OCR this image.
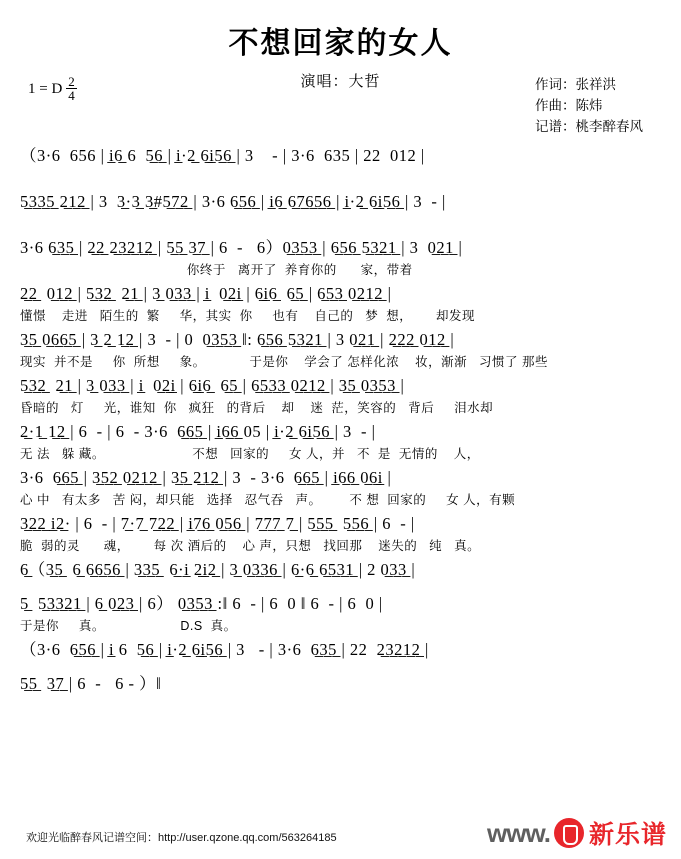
不想回家的女人
演唱：大哲
1 = D $\frac{2}{4}$	作词：张祥洪
作曲：陈炜
记谱：桃李醉春风
（3·6  656 | i̲6̲ 6  5̲6̲ | i̲·2̲ 6̲i̲5̲6̲ | 3    - | 3·6  635 | 22  012 |
5̲3̲3̲5̲ 2̲1̲2̲ | 3  3̲·3̲ 3̲#5̲7̲2̲ | 3·6 6̲5̲6̲ | i̲6̲ 6̲7̲6̲5̲6̲ | i̲·2̲ 6̲i̲5̲6̲ | 3  - |
3·6 6̲3̲5̲ | 2̲2̲ 2̲3̲2̲1̲2̲ | 5̲5̲ 3̲7̲ | 6  -   6）0̲3̲5̲3̲ | 6̲5̲6̲ 5̲3̲2̲1̲ | 3  0̲2̲1̲ |
你终于   离开了  养育你的      家，带着
2̲2̲  0̲1̲2̲ | 5̲3̲2̲  2̲1̲ | 3̲ 0̲3̲3̲ | i̲  0̲2̲i̲ | 6̲i̲6̲  6̲5̲ | 6̲5̲3̲ 0̲2̲1̲2̲ |
懂憬    走进   陌生的  繁     华，其实  你     也有    自己的   梦  想，      却发现
3̲5̲ 0̲6̲6̲5̲ | 3̲ 2̲ 1̲2̲ | 3  - | 0  0̲3̲5̲3̲ ‖: 6̲5̲6̲ 5̲3̲2̲1̲ | 3 0̲2̲1̲ | 2̲2̲2̲ 0̲1̲2̲ |
现实  并不是     你  所想     象。           于是你    学会了 怎样化浓    妆，渐渐   习惯了 那些
5̲3̲2̲  2̲1̲ | 3̲ 0̲3̲3̲ | i̲  0̲2̲i̲ | 6̲i̲6̲  6̲5̲ | 6̲5̲3̲3̲ 0̲2̲1̲2̲ | 3̲5̲ 0̲3̲5̲3̲ |
昏暗的   灯     光，谁知  你   疯狂   的背后    却    迷  茫，笑容的   背后     泪水却
2̲·1̲ 1̲2̲ | 6  - | 6  - 3·6  6̲6̲5̲ | i̲6̲6̲ 05 | i̲·2̲ 6̲i̲5̲6̲ | 3  - |
无 法   躲 藏。                      不想   回家的     女 人，并   不  是  无情的    人，
3·6  6̲6̲5̲ | 3̲5̲2̲ 0̲2̲1̲2̲ | 3̲5̲ 2̲1̲2̲ | 3  - 3·6  6̲6̲5̲ | i̲6̲6̲ 0̲6̲i̲ |
心 中   有太多   苦 闷，却只能   选择   忍气吞   声。       不 想  回家的     女 人，有颗
3̲2̲2̲ i̲2̲· | 6  - | 7̲·7̲ 7̲2̲2̲ | i̲7̲6̲ 0̲5̲6̲ | 7̲7̲7̲ 7̲ | 5̲5̲5̲  5̲5̲6̲ | 6  - |
脆  弱的灵      魂，      每 次 酒后的    心 声，只想   找回那    迷失的   纯   真。
6̲（3̲5̲  6̲ 6̲6̲5̲6̲ | 3̲3̲5̲  6̲·i̲ 2̲i̲2̲ | 3̲ 0̲3̲3̲6̲ | 6̲·6̲ 6̲5̲3̲1̲ | 2 0̲3̲3̲ |
5̲  5̲3̲3̲2̲1̲ | 6̲ 0̲2̲3̲ | 6） 0̲3̲5̲3̲ :‖ 6  - | 6  0 ‖ 6  - | 6  0 |
于是你     真。                   D.S  真。
（3·6  6̲5̲6̲ | i̲ 6  5̲6̲ | i̲·2̲ 6̲i̲5̲6̲ | 3   - | 3·6  6̲3̲5̲ | 22  2̲3̲2̲1̲2̲ |
5̲5̲  3̲7̲ | 6  -   6 - ）‖
欢迎光临醉春风记谱空间：http://user.qzone.qq.com/563264185	www. 新乐谱
